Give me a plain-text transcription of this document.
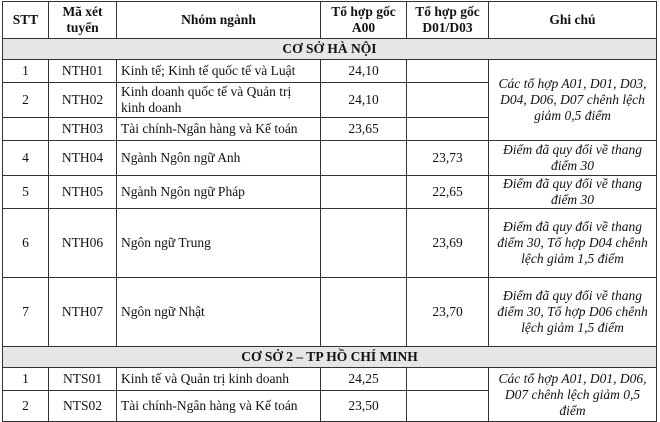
STT	Mã xét tuyển	Nhóm ngành	Tổ hợp gốc A00	Tổ hợp gốc D01/D03	Ghi chú
CƠ SỞ HÀ NỘI					
1	NTH01	Kinh tế; Kinh tế quốc tế và Luật	24,10		Các tổ hợp A01, D01, D03, D04, D06, D07 chênh lệch giảm 0,5 điểm
2	NTH02	Kinh doanh quốc tế và Quản trị kinh doanh	24,10		
	NTH03	Tài chính-Ngân hàng và Kế toán	23,65		
4	NTH04	Ngành Ngôn ngữ Anh		23,73	Điểm đã quy đổi về thang điểm 30
5	NTH05	Ngành Ngôn ngữ Pháp		22,65	Điểm đã quy đổi về thang điểm 30
6	NTH06	Ngôn ngữ Trung		23,69	Điểm đã quy đổi về thang điểm 30, Tổ hợp D04 chênh lệch giảm 1,5 điểm
7	NTH07	Ngôn ngữ Nhật		23,70	Điểm đã quy đổi về thang điểm 30, Tổ hợp D06 chênh lệch giảm 1,5 điểm
CƠ SỞ 2 – TP HỒ CHÍ MINH					
1	NTS01	Kinh tế và Quản trị kinh doanh	24,25		Các tổ hợp A01, D01, D06, D07 chênh lệch giảm 0,5 điểm
2	NTS02	Tài chính-Ngân hàng và Kế toán	23,50		
